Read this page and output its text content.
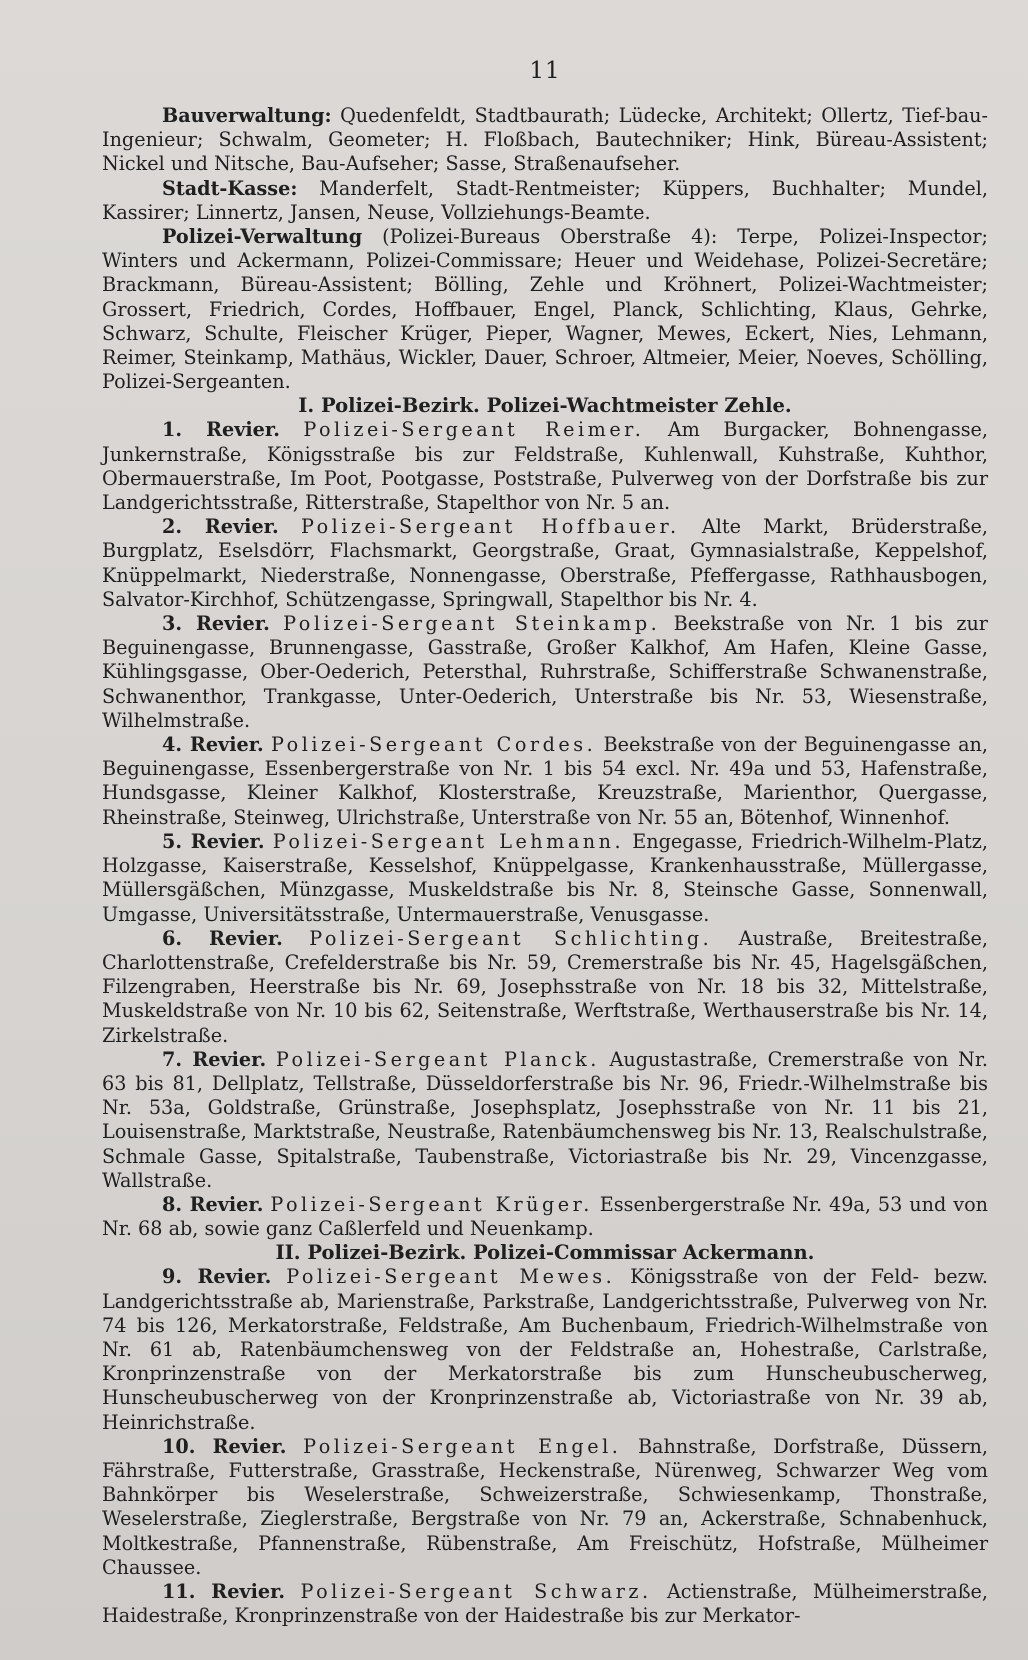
11

Bauverwaltung: Quedenfeldt, Stadtbaurath; Lüdecke, Architekt; Ollertz, Tief-bau-Ingenieur; Schwalm, Geometer; H. Floßbach, Bautechniker; Hink, Büreau-Assistent; Nickel und Nitsche, Bau-Aufseher; Sasse, Straßenaufseher.

Stadt-Kasse: Manderfelt, Stadt-Rentmeister; Küppers, Buchhalter; Mundel, Kassirer; Linnertz, Jansen, Neuse, Vollziehungs-Beamte.

Polizei-Verwaltung (Polizei-Bureaus Oberstraße 4): Terpe, Polizei-Inspector; Winters und Ackermann, Polizei-Commissare; Heuer und Weidehase, Polizei-Secretäre; Brackmann, Büreau-Assistent; Bölling, Zehle und Kröhnert, Polizei-Wachtmeister; Grossert, Friedrich, Cordes, Hoffbauer, Engel, Planck, Schlichting, Klaus, Gehrke, Schwarz, Schulte, Fleischer Krüger, Pieper, Wagner, Mewes, Eckert, Nies, Lehmann, Reimer, Steinkamp, Mathäus, Wickler, Dauer, Schroer, Altmeier, Meier, Noeves, Schölling, Polizei-Sergeanten.

I. Polizei-Bezirk. Polizei-Wachtmeister Zehle.

1. Revier. Polizei-Sergeant Reimer. Am Burgacker, Bohnengasse, Junkernstraße, Königsstraße bis zur Feldstraße, Kuhlenwall, Kuhstraße, Kuhthor, Obermauerstraße, Im Poot, Pootgasse, Poststraße, Pulverweg von der Dorfstraße bis zur Landgerichtsstraße, Ritterstraße, Stapelthor von Nr. 5 an.

2. Revier. Polizei-Sergeant Hoffbauer. Alte Markt, Brüderstraße, Burgplatz, Eselsdörr, Flachsmarkt, Georgstraße, Graat, Gymnasialstraße, Keppelshof, Knüppelmarkt, Niederstraße, Nonnengasse, Oberstraße, Pfeffergasse, Rathhausbogen, Salvator-Kirchhof, Schützengasse, Springwall, Stapelthor bis Nr. 4.

3. Revier. Polizei-Sergeant Steinkamp. Beekstraße von Nr. 1 bis zur Beguinengasse, Brunnengasse, Gasstraße, Großer Kalkhof, Am Hafen, Kleine Gasse, Kühlingsgasse, Ober-Oederich, Petersthal, Ruhrstraße, Schifferstraße Schwanenstraße, Schwanenthor, Trankgasse, Unter-Oederich, Unterstraße bis Nr. 53, Wiesenstraße, Wilhelmstraße.

4. Revier. Polizei-Sergeant Cordes. Beekstraße von der Beguinengasse an, Beguinengasse, Essenbergerstraße von Nr. 1 bis 54 excl. Nr. 49a und 53, Hafenstraße, Hundsgasse, Kleiner Kalkhof, Klosterstraße, Kreuzstraße, Marienthor, Quergasse, Rheinstraße, Steinweg, Ulrichstraße, Unterstraße von Nr. 55 an, Bötenhof, Winnenhof.

5. Revier. Polizei-Sergeant Lehmann. Engegasse, Friedrich-Wilhelm-Platz, Holzgasse, Kaiserstraße, Kesselshof, Knüppelgasse, Krankenhausstraße, Müllergasse, Müllersgäßchen, Münzgasse, Muskeldstraße bis Nr. 8, Steinsche Gasse, Sonnenwall, Umgasse, Universitätsstraße, Untermauerstraße, Venusgasse.

6. Revier. Polizei-Sergeant Schlichting. Austraße, Breitestraße, Charlottenstraße, Crefelderstraße bis Nr. 59, Cremerstraße bis Nr. 45, Hagelsgäßchen, Filzengraben, Heerstraße bis Nr. 69, Josephsstraße von Nr. 18 bis 32, Mittelstraße, Muskeldstraße von Nr. 10 bis 62, Seitenstraße, Werftstraße, Werthauserstraße bis Nr. 14, Zirkelstraße.

7. Revier. Polizei-Sergeant Planck. Augustastraße, Cremerstraße von Nr. 63 bis 81, Dellplatz, Tellstraße, Düsseldorferstraße bis Nr. 96, Friedr.-Wilhelmstraße bis Nr. 53a, Goldstraße, Grünstraße, Josephsplatz, Josephsstraße von Nr. 11 bis 21, Louisenstraße, Marktstraße, Neustraße, Ratenbäumchensweg bis Nr. 13, Realschulstraße, Schmale Gasse, Spitalstraße, Taubenstraße, Victoriastraße bis Nr. 29, Vincenzgasse, Wallstraße.

8. Revier. Polizei-Sergeant Krüger. Essenbergerstraße Nr. 49a, 53 und von Nr. 68 ab, sowie ganz Caßlerfeld und Neuenkamp.

II. Polizei-Bezirk. Polizei-Commissar Ackermann.

9. Revier. Polizei-Sergeant Mewes. Königsstraße von der Feld- bezw. Landgerichtsstraße ab, Marienstraße, Parkstraße, Landgerichtsstraße, Pulverweg von Nr. 74 bis 126, Merkatorstraße, Feldstraße, Am Buchenbaum, Friedrich-Wilhelmstraße von Nr. 61 ab, Ratenbäumchensweg von der Feldstraße an, Hohestraße, Carlstraße, Kronprinzenstraße von der Merkatorstraße bis zum Hunscheubuscherweg, Hunscheubuscherweg von der Kronprinzenstraße ab, Victoriastraße von Nr. 39 ab, Heinrichstraße.

10. Revier. Polizei-Sergeant Engel. Bahnstraße, Dorfstraße, Düssern, Fährstraße, Futterstraße, Grasstraße, Heckenstraße, Nürenweg, Schwarzer Weg vom Bahnkörper bis Weselerstraße, Schweizerstraße, Schwiesenkamp, Thonstraße, Weselerstraße, Zieglerstraße, Bergstraße von Nr. 79 an, Ackerstraße, Schnabenhuck, Moltkestraße, Pfannenstraße, Rübenstraße, Am Freischütz, Hofstraße, Mülheimer Chaussee.

11. Revier. Polizei-Sergeant Schwarz. Actienstraße, Mülheimerstraße, Haidestraße, Kronprinzenstraße von der Haidestraße bis zur Merkator-
